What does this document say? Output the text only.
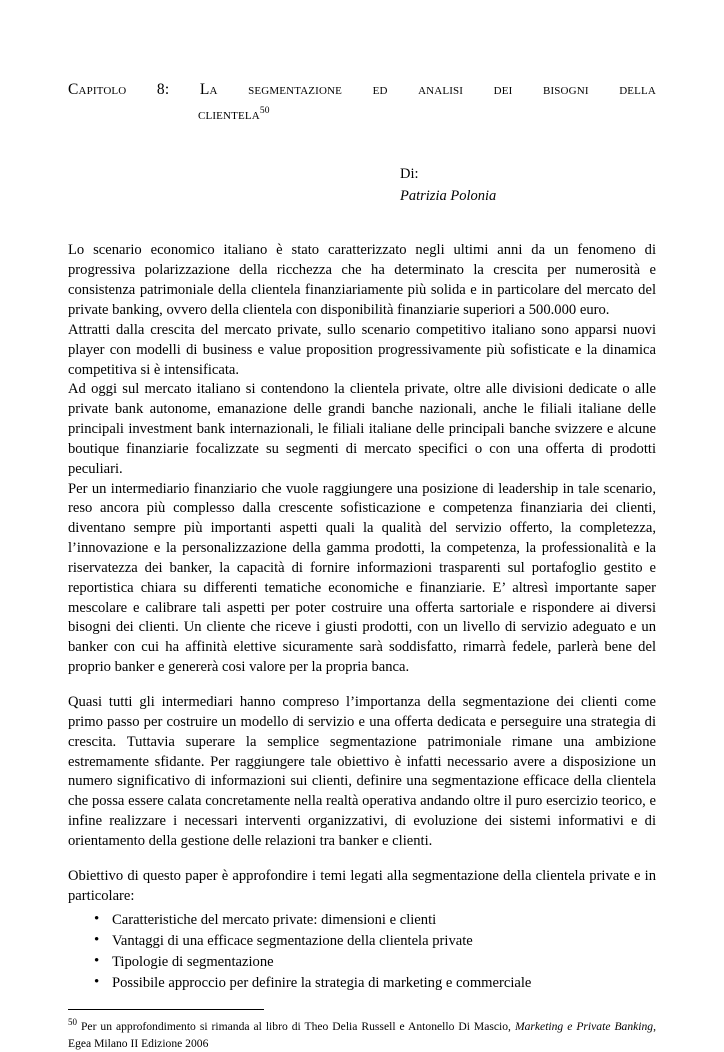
Capitolo 8: La segmentazione ed analisi dei bisogni della
clientela$^{50}$
Di:
Patrizia Polonia

Lo scenario economico italiano è stato caratterizzato negli ultimi anni da un fenomeno di progressiva polarizzazione della ricchezza che ha determinato la crescita per numerosità e consistenza patrimoniale della clientela finanziariamente più solida e in particolare del mercato del private banking, ovvero della clientela con disponibilità finanziarie superiori a 500.000 euro.

Attratti dalla crescita del mercato private, sullo scenario competitivo italiano sono apparsi nuovi player con modelli di business e value proposition progressivamente più sofisticate e la dinamica competitiva si è intensificata.

Ad oggi sul mercato italiano si contendono la clientela private, oltre alle divisioni dedicate o alle private bank autonome, emanazione delle grandi banche nazionali, anche le filiali italiane delle principali investment bank internazionali, le filiali italiane delle principali banche svizzere e alcune boutique finanziarie focalizzate su segmenti di mercato specifici o con una offerta di prodotti peculiari.

Per un intermediario finanziario che vuole raggiungere una posizione di leadership in tale scenario, reso ancora più complesso dalla crescente sofisticazione e competenza finanziaria dei clienti, diventano sempre più importanti aspetti quali la qualità del servizio offerto, la completezza, l’innovazione e la personalizzazione della gamma prodotti, la competenza, la professionalità e la riservatezza dei banker, la capacità di fornire informazioni trasparenti sul portafoglio gestito e reportistica chiara su differenti tematiche economiche e finanziarie. E’ altresì importante saper mescolare e calibrare tali aspetti per poter costruire una offerta sartoriale e rispondere ai diversi bisogni dei clienti. Un cliente che riceve i giusti prodotti, con un livello di servizio adeguato e un banker con cui ha affinità elettive sicuramente sarà soddisfatto, rimarrà fedele, parlerà bene del proprio banker e genererà cosi valore per la propria banca.

Quasi tutti gli intermediari hanno compreso l’importanza della segmentazione dei clienti come primo passo per costruire un modello di servizio e una offerta dedicata e perseguire una strategia di crescita. Tuttavia superare la semplice segmentazione patrimoniale rimane una ambizione estremamente sfidante. Per raggiungere tale obiettivo è infatti necessario avere a disposizione un numero significativo di informazioni sui clienti, definire una segmentazione efficace della clientela che possa essere calata concretamente nella realtà operativa andando oltre il puro esercizio teorico, e infine realizzare i necessari interventi organizzativi, di evoluzione dei sistemi informativi e di orientamento della gestione delle relazioni tra banker e clienti.

Obiettivo di questo paper è approfondire i temi legati alla segmentazione della clientela private e in particolare:

• Caratteristiche del mercato private: dimensioni e clienti
• Vantaggi di una efficace segmentazione della clientela private
• Tipologie di segmentazione
• Possibile approccio per definire la strategia di marketing e commerciale
$^{50}$ Per un approfondimento si rimanda al libro di Theo Delia Russell e Antonello Di Mascio, Marketing e Private Banking, Egea Milano II Edizione 2006
